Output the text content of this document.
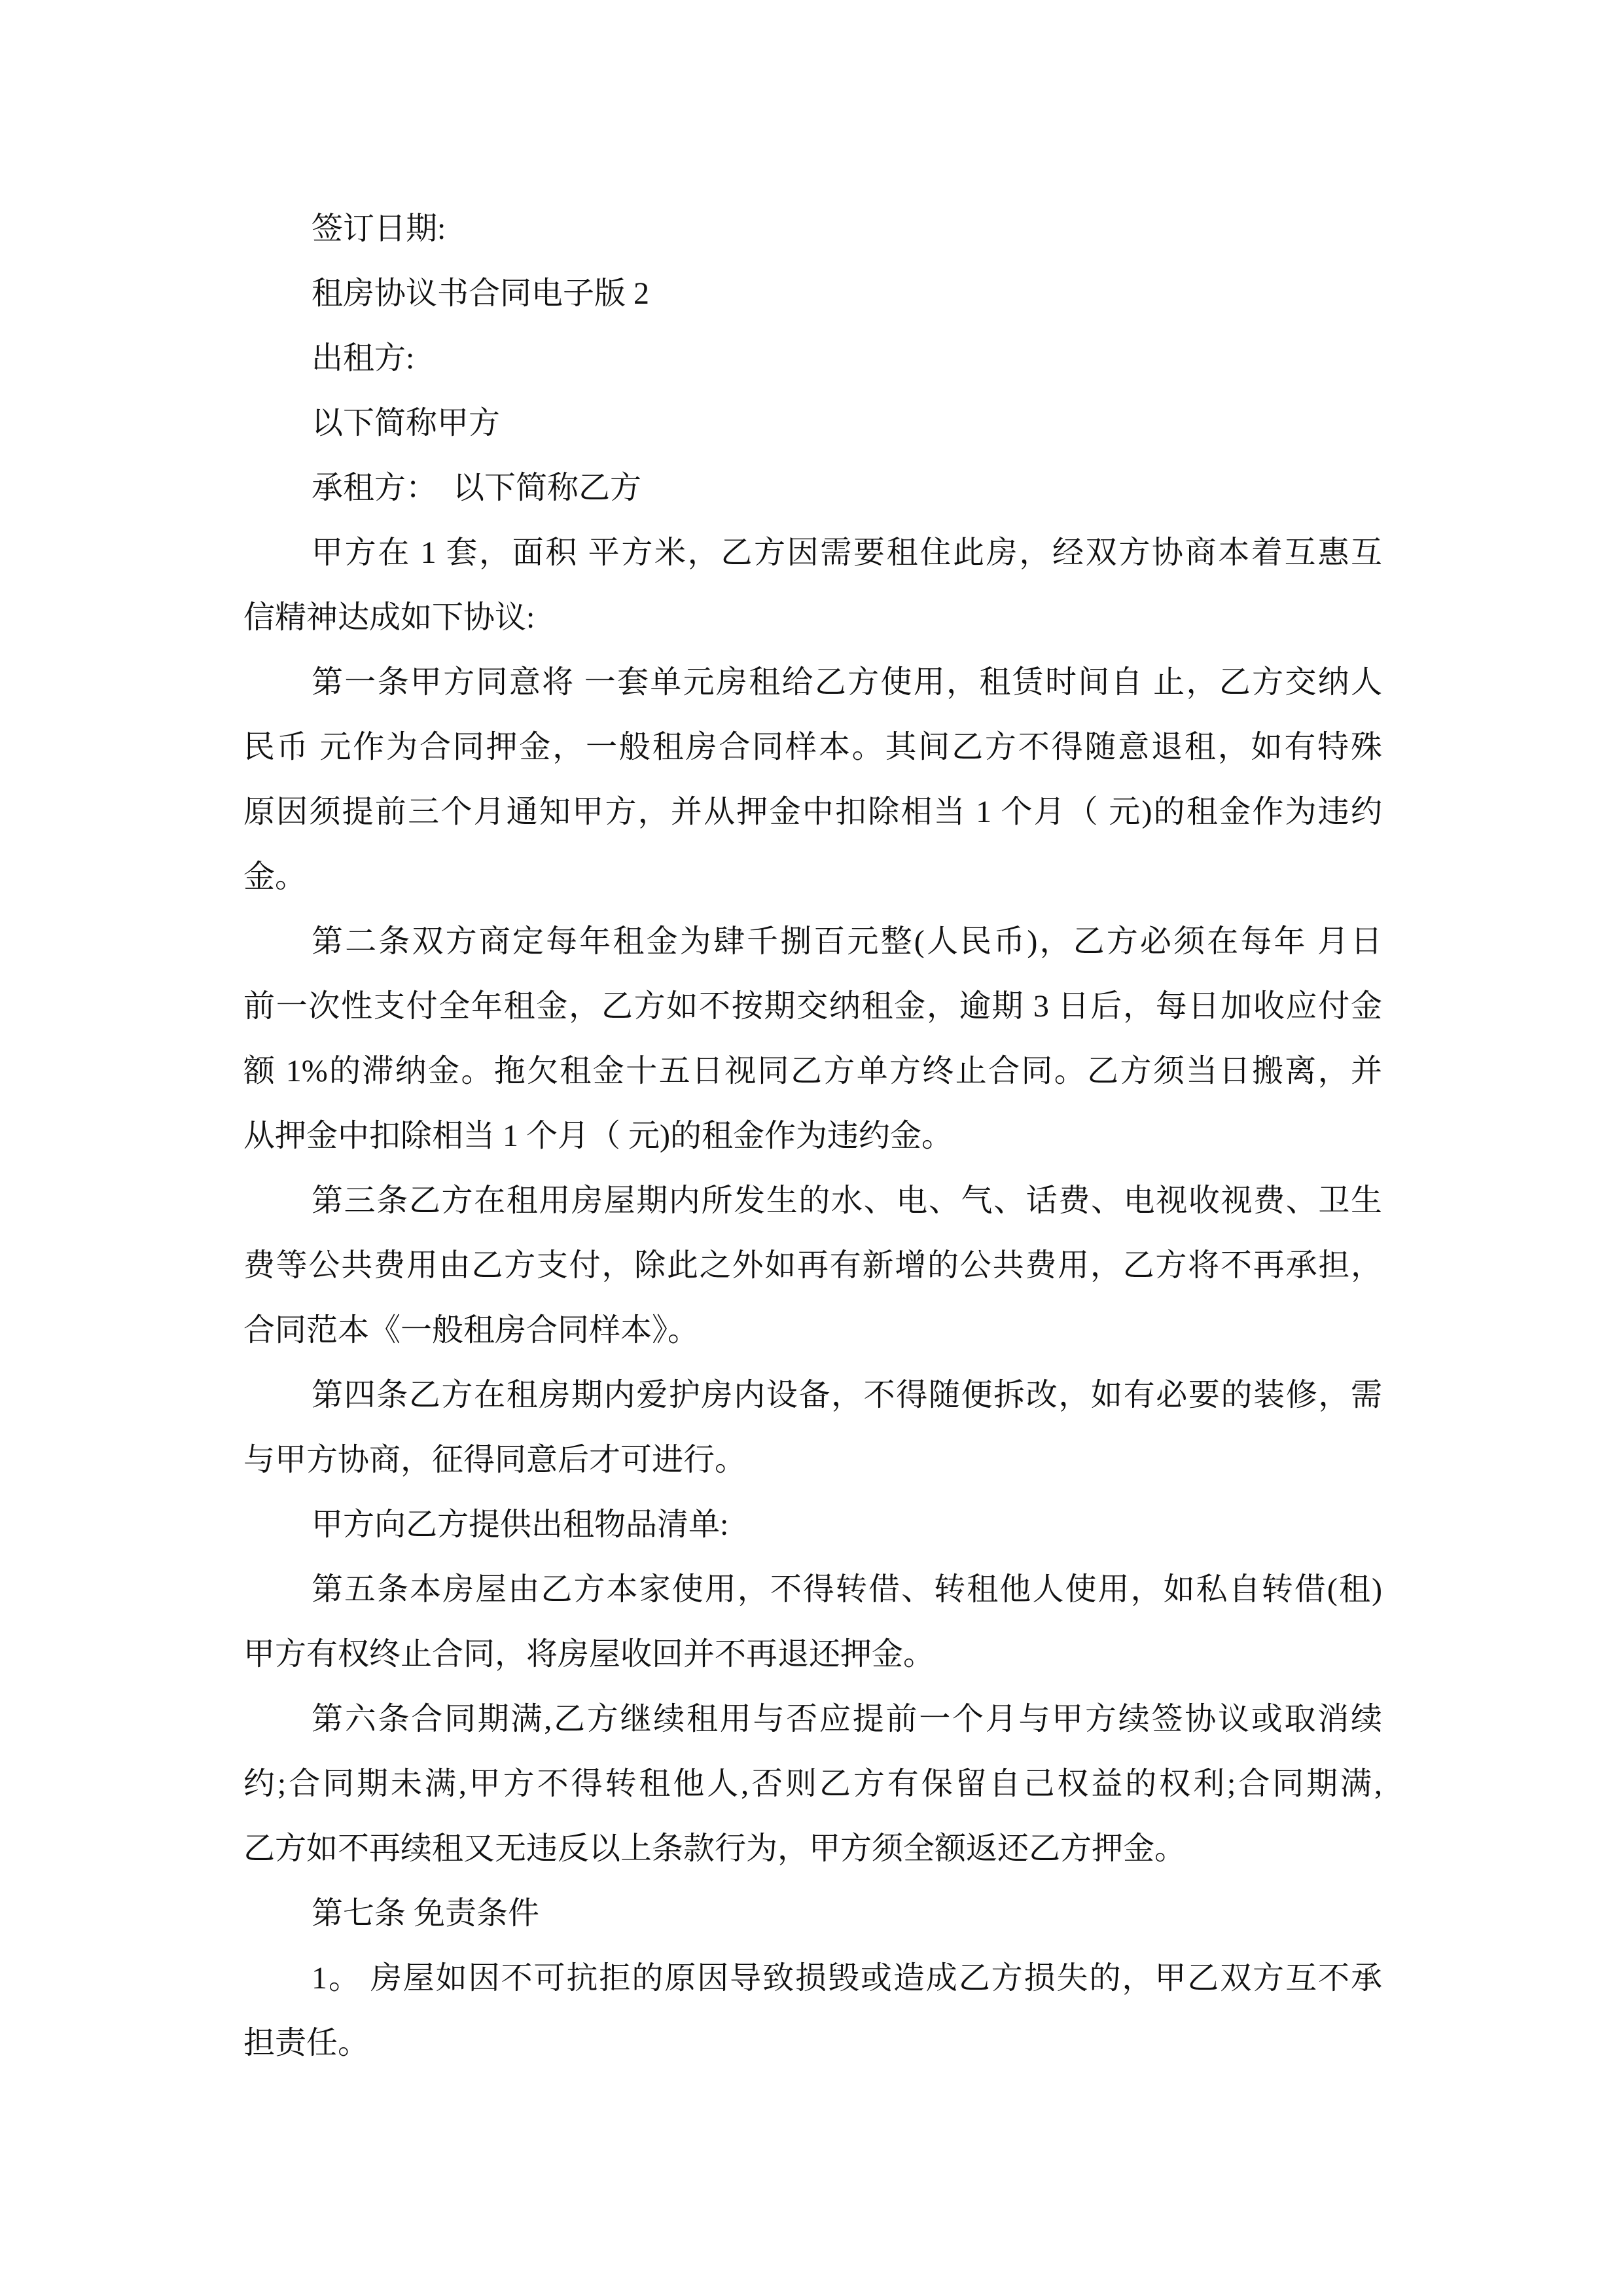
签订日期:
租房协议书合同电子版 2
出租方:
以下简称甲方
承租方：  以下简称乙方
甲方在 1 套，面积 平方米，乙方因需要租住此房，经双方协商本着互惠互
信精神达成如下协议:
第一条甲方同意将 一套单元房租给乙方使用，租赁时间自 止，乙方交纳人
民币 元作为合同押金，一般租房合同样本。其间乙方不得随意退租，如有特殊
原因须提前三个月通知甲方，并从押金中扣除相当 1 个月（ 元)的租金作为违约
金。
第二条双方商定每年租金为肆千捌百元整(人民币)，乙方必须在每年 月日
前一次性支付全年租金，乙方如不按期交纳租金，逾期 3 日后，每日加收应付金
额 1%的滞纳金。拖欠租金十五日视同乙方单方终止合同。乙方须当日搬离，并
从押金中扣除相当 1 个月（ 元)的租金作为违约金。
第三条乙方在租用房屋期内所发生的水、电、气、话费、电视收视费、卫生
费等公共费用由乙方支付，除此之外如再有新增的公共费用，乙方将不再承担，
合同范本《一般租房合同样本》。
第四条乙方在租房期内爱护房内设备，不得随便拆改，如有必要的装修，需
与甲方协商，征得同意后才可进行。
甲方向乙方提供出租物品清单:
第五条本房屋由乙方本家使用，不得转借、转租他人使用，如私自转借(租)
甲方有权终止合同，将房屋收回并不再退还押金。
第六条合同期满,乙方继续租用与否应提前一个月与甲方续签协议或取消续
约;合同期未满,甲方不得转租他人,否则乙方有保留自己权益的权利;合同期满,
乙方如不再续租又无违反以上条款行为，甲方须全额返还乙方押金。
第七条 免责条件
1。 房屋如因不可抗拒的原因导致损毁或造成乙方损失的，甲乙双方互不承
担责任。
